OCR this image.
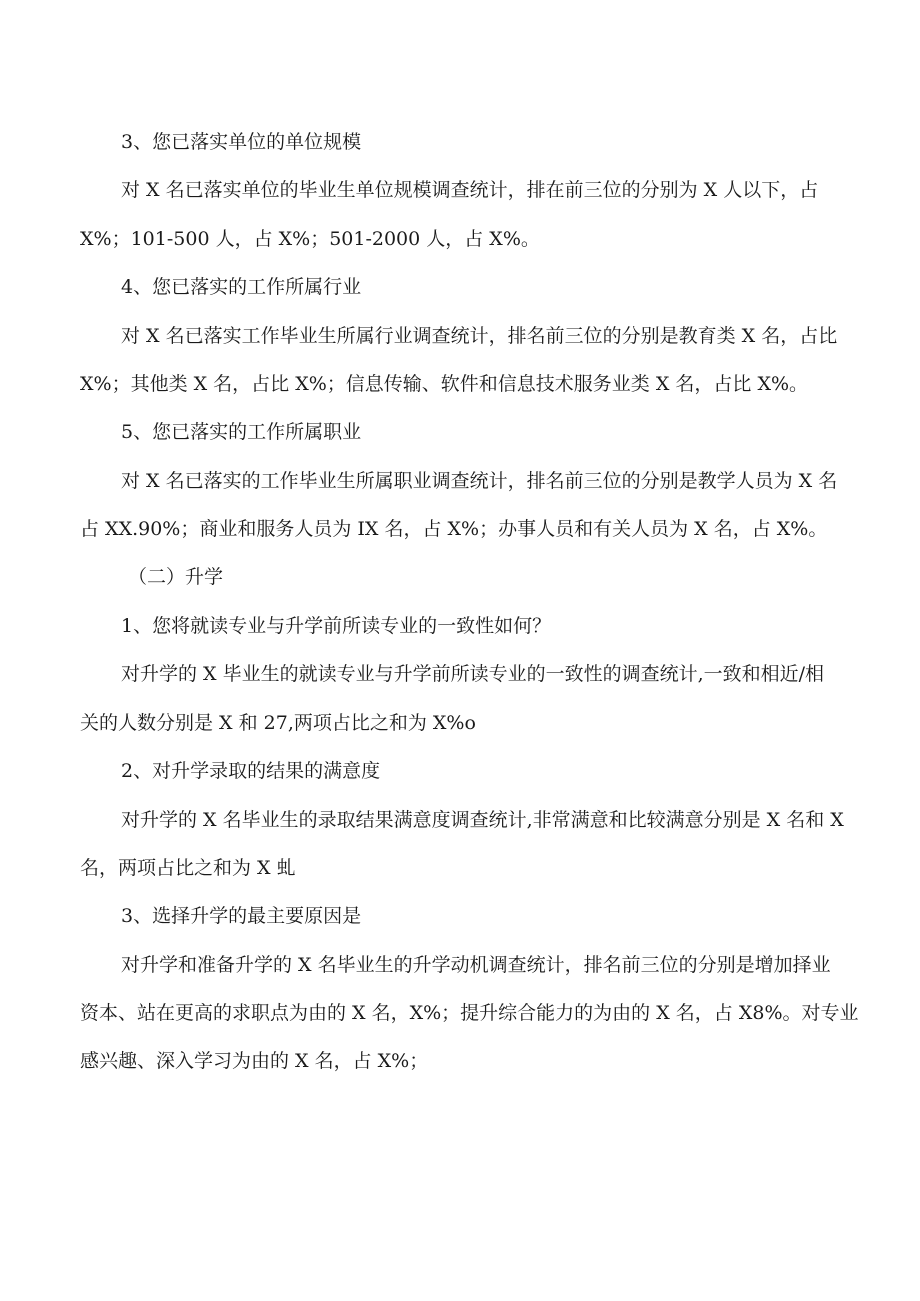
3、您已落实单位的单位规模
对 X 名已落实单位的毕业生单位规模调查统计，排在前三位的分别为 X 人以下，占
X%；101-500 人，占 X%；501-2000 人，占 X%。
4、您已落实的工作所属行业
对 X 名已落实工作毕业生所属行业调查统计，排名前三位的分别是教育类 X 名，占比
X%；其他类 X 名，占比 X%；信息传输、软件和信息技术服务业类 X 名，占比 X%。
5、您已落实的工作所属职业
对 X 名已落实的工作毕业生所属职业调查统计，排名前三位的分别是教学人员为 X 名
占 XX.90%；商业和服务人员为 IX 名，占 X%；办事人员和有关人员为 X 名，占 X%。
（二）升学
1、您将就读专业与升学前所读专业的一致性如何？
对升学的 X 毕业生的就读专业与升学前所读专业的一致性的调查统计,一致和相近/相
关的人数分别是 X 和 27,两项占比之和为 X%o
2、对升学录取的结果的满意度
对升学的 X 名毕业生的录取结果满意度调查统计,非常满意和比较满意分别是 X 名和 X
名，两项占比之和为 X 虬
3、选择升学的最主要原因是
对升学和准备升学的 X 名毕业生的升学动机调查统计，排名前三位的分别是增加择业
资本、站在更高的求职点为由的 X 名，X%；提升综合能力的为由的 X 名，占 X8%。对专业
感兴趣、深入学习为由的 X 名，占 X%；
